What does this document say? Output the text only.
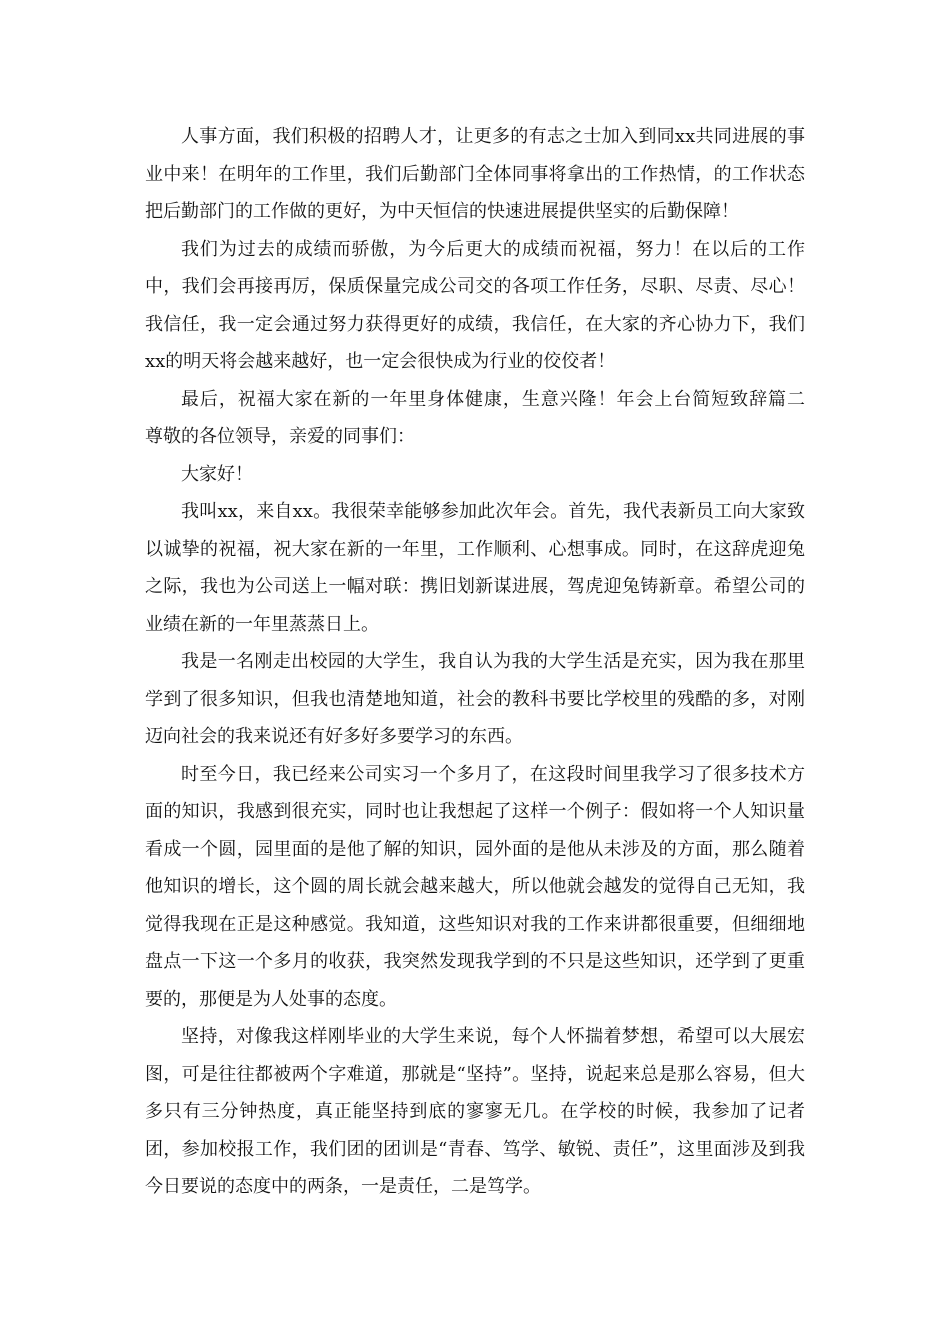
人事方面，我们积极的招聘人才，让更多的有志之士加入到同xx共同进展的事业中来！在明年的工作里，我们后勤部门全体同事将拿出的工作热情，的工作状态把后勤部门的工作做的更好，为中天恒信的快速进展提供坚实的后勤保障！

我们为过去的成绩而骄傲，为今后更大的成绩而祝福，努力！在以后的工作中，我们会再接再厉，保质保量完成公司交的各项工作任务，尽职、尽责、尽心！我信任，我一定会通过努力获得更好的成绩，我信任，在大家的齐心协力下，我们xx的明天将会越来越好，也一定会很快成为行业的佼佼者！

最后，祝福大家在新的一年里身体健康，生意兴隆！年会上台简短致辞篇二　　尊敬的各位领导，亲爱的同事们：

大家好！

我叫xx，来自xx。我很荣幸能够参加此次年会。首先，我代表新员工向大家致以诚挚的祝福，祝大家在新的一年里，工作顺利、心想事成。同时，在这辞虎迎兔之际，我也为公司送上一幅对联：携旧划新谋进展，驾虎迎兔铸新章。希望公司的业绩在新的一年里蒸蒸日上。

我是一名刚走出校园的大学生，我自认为我的大学生活是充实，因为我在那里学到了很多知识，但我也清楚地知道，社会的教科书要比学校里的残酷的多，对刚迈向社会的我来说还有好多好多要学习的东西。

时至今日，我已经来公司实习一个多月了，在这段时间里我学习了很多技术方面的知识，我感到很充实，同时也让我想起了这样一个例子：假如将一个人知识量看成一个圆，园里面的是他了解的知识，园外面的是他从未涉及的方面，那么随着他知识的增长，这个圆的周长就会越来越大，所以他就会越发的觉得自己无知，我觉得我现在正是这种感觉。我知道，这些知识对我的工作来讲都很重要，但细细地盘点一下这一个多月的收获，我突然发现我学到的不只是这些知识，还学到了更重要的，那便是为人处事的态度。

坚持，对像我这样刚毕业的大学生来说，每个人怀揣着梦想，希望可以大展宏图，可是往往都被两个字难道，那就是“坚持”。坚持，说起来总是那么容易，但大多只有三分钟热度，真正能坚持到底的寥寥无几。在学校的时候，我参加了记者团，参加校报工作，我们团的团训是“青春、笃学、敏锐、责任”，这里面涉及到我今日要说的态度中的两条，一是责任，二是笃学。
